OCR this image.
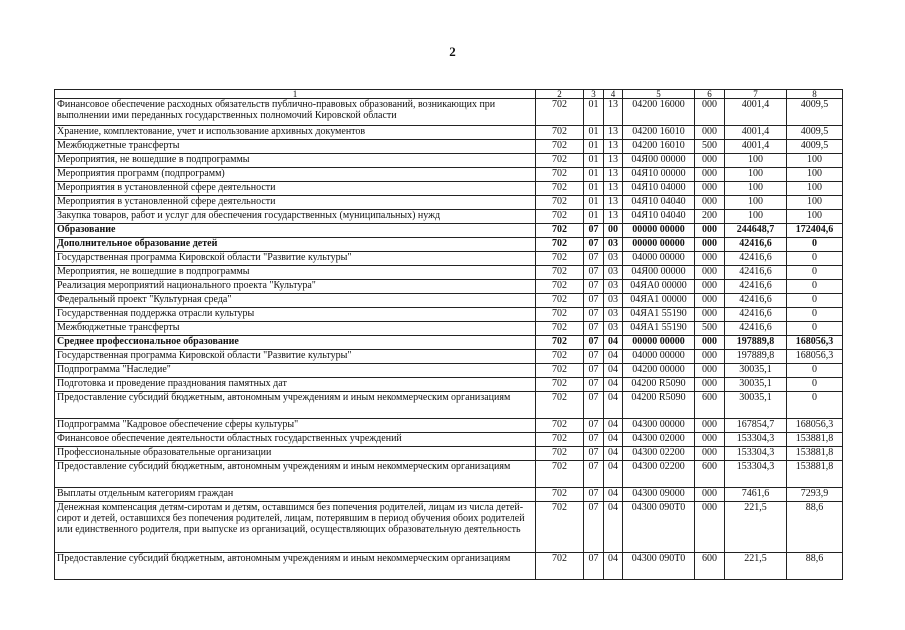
2
1	2	3	4	5	6	7	8
Финансовое обеспечение расходных обязательств публично-правовых образований, возникающих при выполнении ими переданных государственных полномочий Кировской области	702	01	13	04200 16000	000	4001,4	4009,5
Хранение, комплектование, учет и использование архивных документов	702	01	13	04200 16010	000	4001,4	4009,5
Межбюджетные трансферты	702	01	13	04200 16010	500	4001,4	4009,5
Мероприятия, не вошедшие в подпрограммы	702	01	13	04Я00 00000	000	100	100
Мероприятия программ (подпрограмм)	702	01	13	04Я10 00000	000	100	100
Мероприятия в установленной сфере деятельности	702	01	13	04Я10 04000	000	100	100
Мероприятия в установленной сфере деятельности	702	01	13	04Я10 04040	000	100	100
Закупка товаров, работ и услуг для обеспечения государственных (муниципальных) нужд	702	01	13	04Я10 04040	200	100	100
Образование	702	07	00	00000 00000	000	244648,7	172404,6
Дополнительное образование детей	702	07	03	00000 00000	000	42416,6	0
Государственная программа Кировской области "Развитие культуры"	702	07	03	04000 00000	000	42416,6	0
Мероприятия, не вошедшие в подпрограммы	702	07	03	04Я00 00000	000	42416,6	0
Реализация мероприятий национального проекта "Культура"	702	07	03	04ЯА0 00000	000	42416,6	0
Федеральный проект "Культурная среда"	702	07	03	04ЯА1 00000	000	42416,6	0
Государственная поддержка отрасли культуры	702	07	03	04ЯА1 55190	000	42416,6	0
Межбюджетные трансферты	702	07	03	04ЯА1 55190	500	42416,6	0
Среднее профессиональное образование	702	07	04	00000 00000	000	197889,8	168056,3
Государственная программа Кировской области "Развитие культуры"	702	07	04	04000 00000	000	197889,8	168056,3
Подпрограмма "Наследие"	702	07	04	04200 00000	000	30035,1	0
Подготовка и проведение празднования памятных дат	702	07	04	04200 R5090	000	30035,1	0
Предоставление субсидий бюджетным, автономным учреждениям и иным некоммерческим организациям	702	07	04	04200 R5090	600	30035,1	0
Подпрограмма "Кадровое обеспечение сферы культуры"	702	07	04	04300 00000	000	167854,7	168056,3
Финансовое обеспечение деятельности областных государственных учреждений	702	07	04	04300 02000	000	153304,3	153881,8
Профессиональные образовательные организации	702	07	04	04300 02200	000	153304,3	153881,8
Предоставление субсидий бюджетным, автономным учреждениям и иным некоммерческим организациям	702	07	04	04300 02200	600	153304,3	153881,8
Выплаты отдельным категориям граждан	702	07	04	04300 09000	000	7461,6	7293,9
Денежная компенсация детям-сиротам и детям, оставшимся без попечения родителей, лицам из числа детей-сирот и детей, оставшихся без попечения родителей, лицам, потерявшим в период обучения обоих родителей или единственного родителя, при выпуске из организаций, осуществляющих образовательную деятельность	702	07	04	04300 090Т0	000	221,5	88,6
Предоставление субсидий бюджетным, автономным учреждениям и иным некоммерческим организациям	702	07	04	04300 090Т0	600	221,5	88,6
